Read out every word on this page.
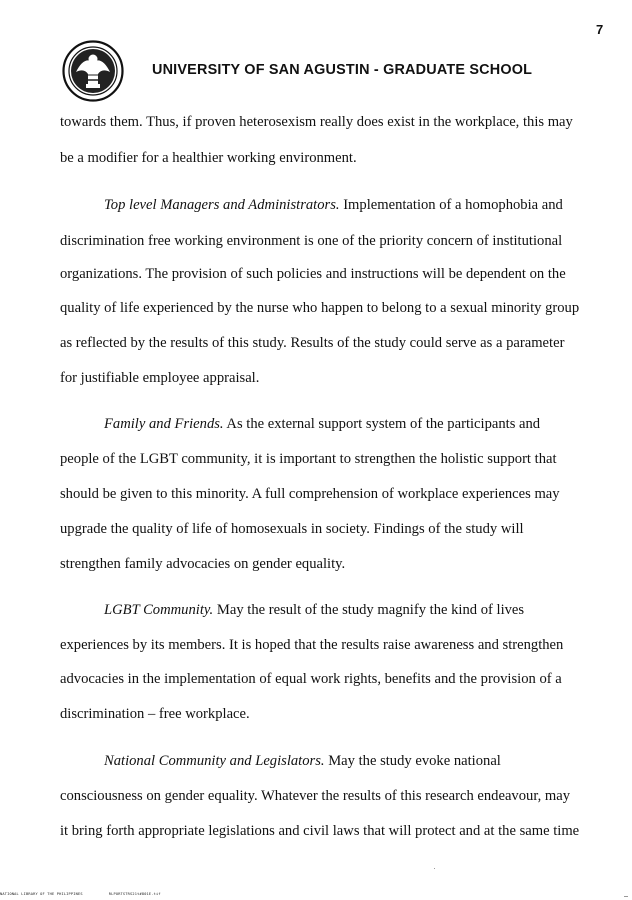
7
UNIVERSITY OF SAN AGUSTIN - GRADUATE SCHOOL
towards them. Thus, if proven heterosexism really does exist in the workplace, this may
be a modifier for a healthier working environment.
Top level Managers and Administrators. Implementation of a homophobia and
discrimination free working environment is one of the priority concern of institutional
organizations. The provision of such policies and instructions will be dependent on the
quality of life experienced by the nurse who happen to belong to a sexual minority group
as reflected by the results of this study. Results of the study could serve as a parameter
for justifiable employee appraisal.
Family and Friends. As the external support system of the participants and
people of the LGBT community, it is important to strengthen the holistic support that
should be given to this minority. A full comprehension of workplace experiences may
upgrade the quality of life of homosexuals in society. Findings of the study will
strengthen family advocacies on gender equality.
LGBT Community. May the result of the study magnify the kind of lives
experiences by its members. It is hoped that the results raise awareness and strengthen
advocacies in the implementation of equal work rights, benefits and the provision of a
discrimination – free workplace.
National Community and Legislators. May the study evoke national
consciousness on gender equality. Whatever the results of this research endeavour, may
it bring forth appropriate legislations and civil laws that will protect and at the same time
NATIONAL LIBRARY OF THE PHILIPPINES	RLPORTSTRS21t#801E.tif
